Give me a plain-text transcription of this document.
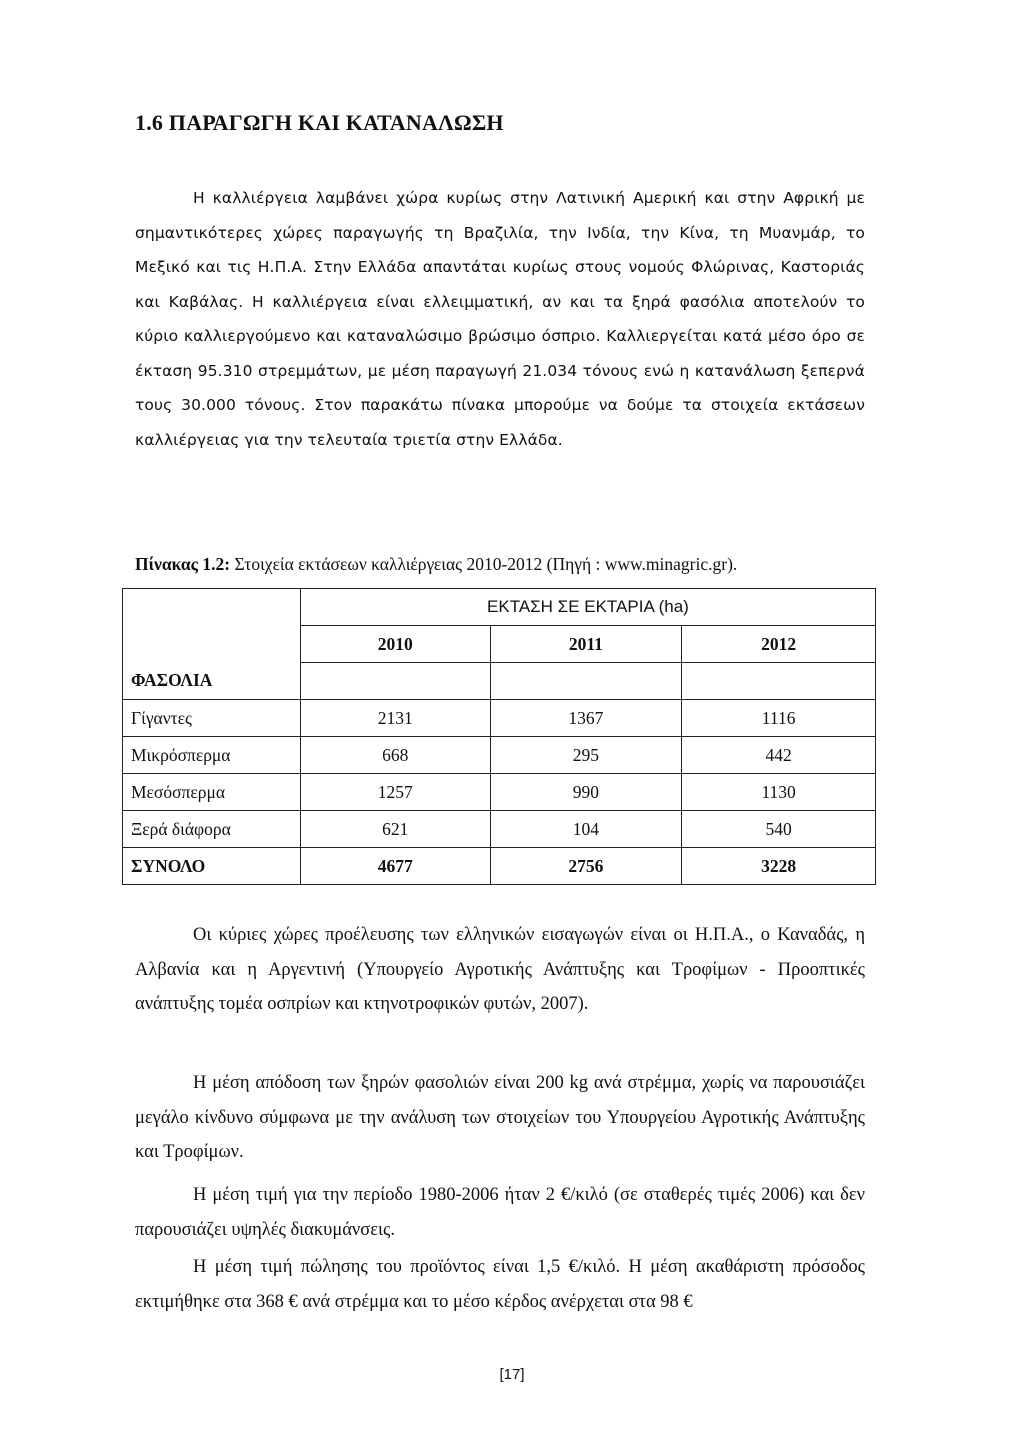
1.6 ΠΑΡΑΓΩΓΗ ΚΑΙ ΚΑΤΑΝΑΛΩΣΗ

Η καλλιέργεια λαμβάνει χώρα κυρίως στην Λατινική Αμερική και στην Αφρική με σημαντικότερες χώρες παραγωγής τη Βραζιλία, την Ινδία, την Κίνα, τη Μυανμάρ, το Μεξικό και τις Η.Π.Α. Στην Ελλάδα απαντάται κυρίως στους νομούς Φλώρινας, Καστοριάς και Καβάλας. Η καλλιέργεια είναι ελλειμματική, αν και τα ξηρά φασόλια αποτελούν το κύριο καλλιεργούμενο και καταναλώσιμο βρώσιμο όσπριο. Καλλιεργείται κατά μέσο όρο σε έκταση 95.310 στρεμμάτων, με μέση παραγωγή 21.034 τόνους ενώ η κατανάλωση ξεπερνά τους 30.000 τόνους. Στον παρακάτω πίνακα μπορούμε να δούμε τα στοιχεία εκτάσεων καλλιέργειας για την τελευταία τριετία στην Ελλάδα.

Πίνακας 1.2: Στοιχεία εκτάσεων καλλιέργειας 2010-2012 (Πηγή : www.minagric.gr).
	ΕΚΤΑΣΗ ΣΕ ΕΚΤΑΡΙΑ (ha)		
	2010	2011	2012
ΦΑΣΟΛΙΑ			
Γίγαντες	2131	1367	1116
Μικρόσπερμα	668	295	442
Μεσόσπερμα	1257	990	1130
Ξερά διάφορα	621	104	540
ΣΥΝΟΛΟ	4677	2756	3228

Οι κύριες χώρες προέλευσης των ελληνικών εισαγωγών είναι οι Η.Π.Α., ο Καναδάς, η Αλβανία και η Αργεντινή (Υπουργείο Αγροτικής Ανάπτυξης και Τροφίμων - Προοπτικές ανάπτυξης τομέα οσπρίων και κτηνοτροφικών φυτών, 2007).

Η μέση απόδοση των ξηρών φασολιών είναι 200 kg ανά στρέμμα, χωρίς να παρουσιάζει μεγάλο κίνδυνο σύμφωνα με την ανάλυση των στοιχείων του Υπουργείου Αγροτικής Ανάπτυξης και Τροφίμων.

Η μέση τιμή για την περίοδο 1980-2006 ήταν 2 €/κιλό (σε σταθερές τιμές 2006) και δεν παρουσιάζει υψηλές διακυμάνσεις.

Η μέση τιμή πώλησης του προϊόντος είναι 1,5 €/κιλό. Η μέση ακαθάριστη πρόσοδος εκτιμήθηκε στα 368 € ανά στρέμμα και το μέσο κέρδος ανέρχεται στα 98 €

[17]
